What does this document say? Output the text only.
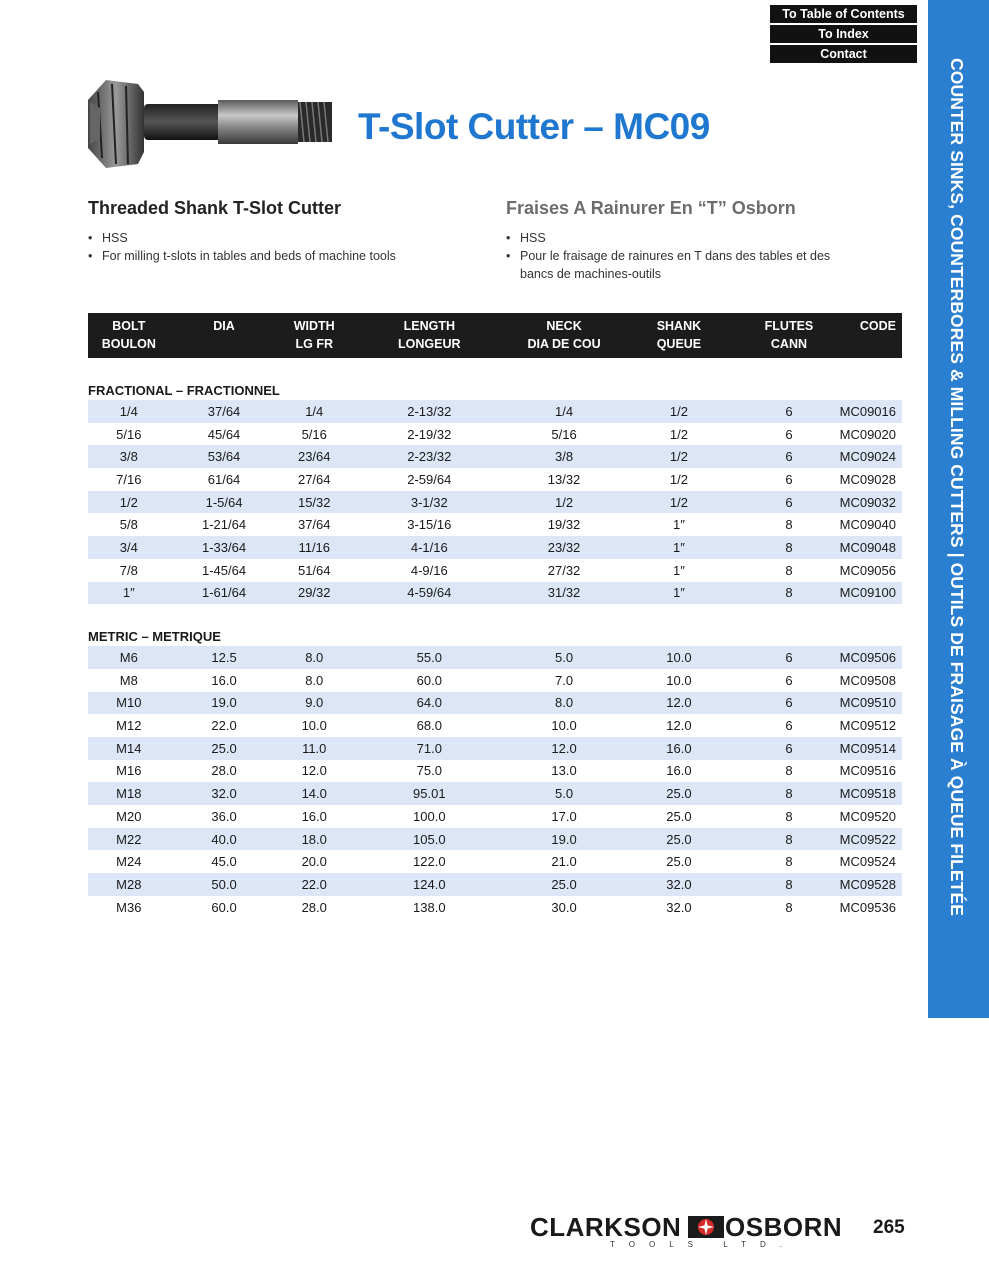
To Table of Contents
To Index
Contact
COUNTER SINKS, COUNTERBORES & MILLING CUTTERS | OUTILS DE FRAISAGE À QUEUE FILETÉE
T-Slot Cutter – MC09
Threaded Shank T-Slot Cutter
• HSS
• For milling t-slots in tables and beds of machine tools
Fraises A Rainurer En “T” Osborn
• HSS
• Pour le fraisage de rainures en T dans des tables et des bancs de machines-outils
BOLT	DIA	WIDTH	LENGTH	NECK	SHANK	FLUTES	CODE
BOULON		LG FR	LONGEUR	DIA DE COU	QUEUE	CANN	

FRACTIONAL – FRACTIONNEL							
1/4	37/64	1/4	2-13/32	1/4	1/2	6	MC09016
5/16	45/64	5/16	2-19/32	5/16	1/2	6	MC09020
3/8	53/64	23/64	2-23/32	3/8	1/2	6	MC09024
7/16	61/64	27/64	2-59/64	13/32	1/2	6	MC09028
1/2	1-5/64	15/32	3-1/32	1/2	1/2	6	MC09032
5/8	1-21/64	37/64	3-15/16	19/32	1″	8	MC09040
3/4	1-33/64	11/16	4-1/16	23/32	1″	8	MC09048
7/8	1-45/64	51/64	4-9/16	27/32	1″	8	MC09056
1″	1-61/64	29/32	4-59/64	31/32	1″	8	MC09100

METRIC – METRIQUE							
M6	12.5	8.0	55.0	5.0	10.0	6	MC09506
M8	16.0	8.0	60.0	7.0	10.0	6	MC09508
M10	19.0	9.0	64.0	8.0	12.0	6	MC09510
M12	22.0	10.0	68.0	10.0	12.0	6	MC09512
M14	25.0	11.0	71.0	12.0	16.0	6	MC09514
M16	28.0	12.0	75.0	13.0	16.0	8	MC09516
M18	32.0	14.0	95.01	5.0	25.0	8	MC09518
M20	36.0	16.0	100.0	17.0	25.0	8	MC09520
M22	40.0	18.0	105.0	19.0	25.0	8	MC09522
M24	45.0	20.0	122.0	21.0	25.0	8	MC09524
M28	50.0	22.0	124.0	25.0	32.0	8	MC09528
M36	60.0	28.0	138.0	30.0	32.0	8	MC09536
CLARKSON OSBORN
TOOLS LTD.
265
